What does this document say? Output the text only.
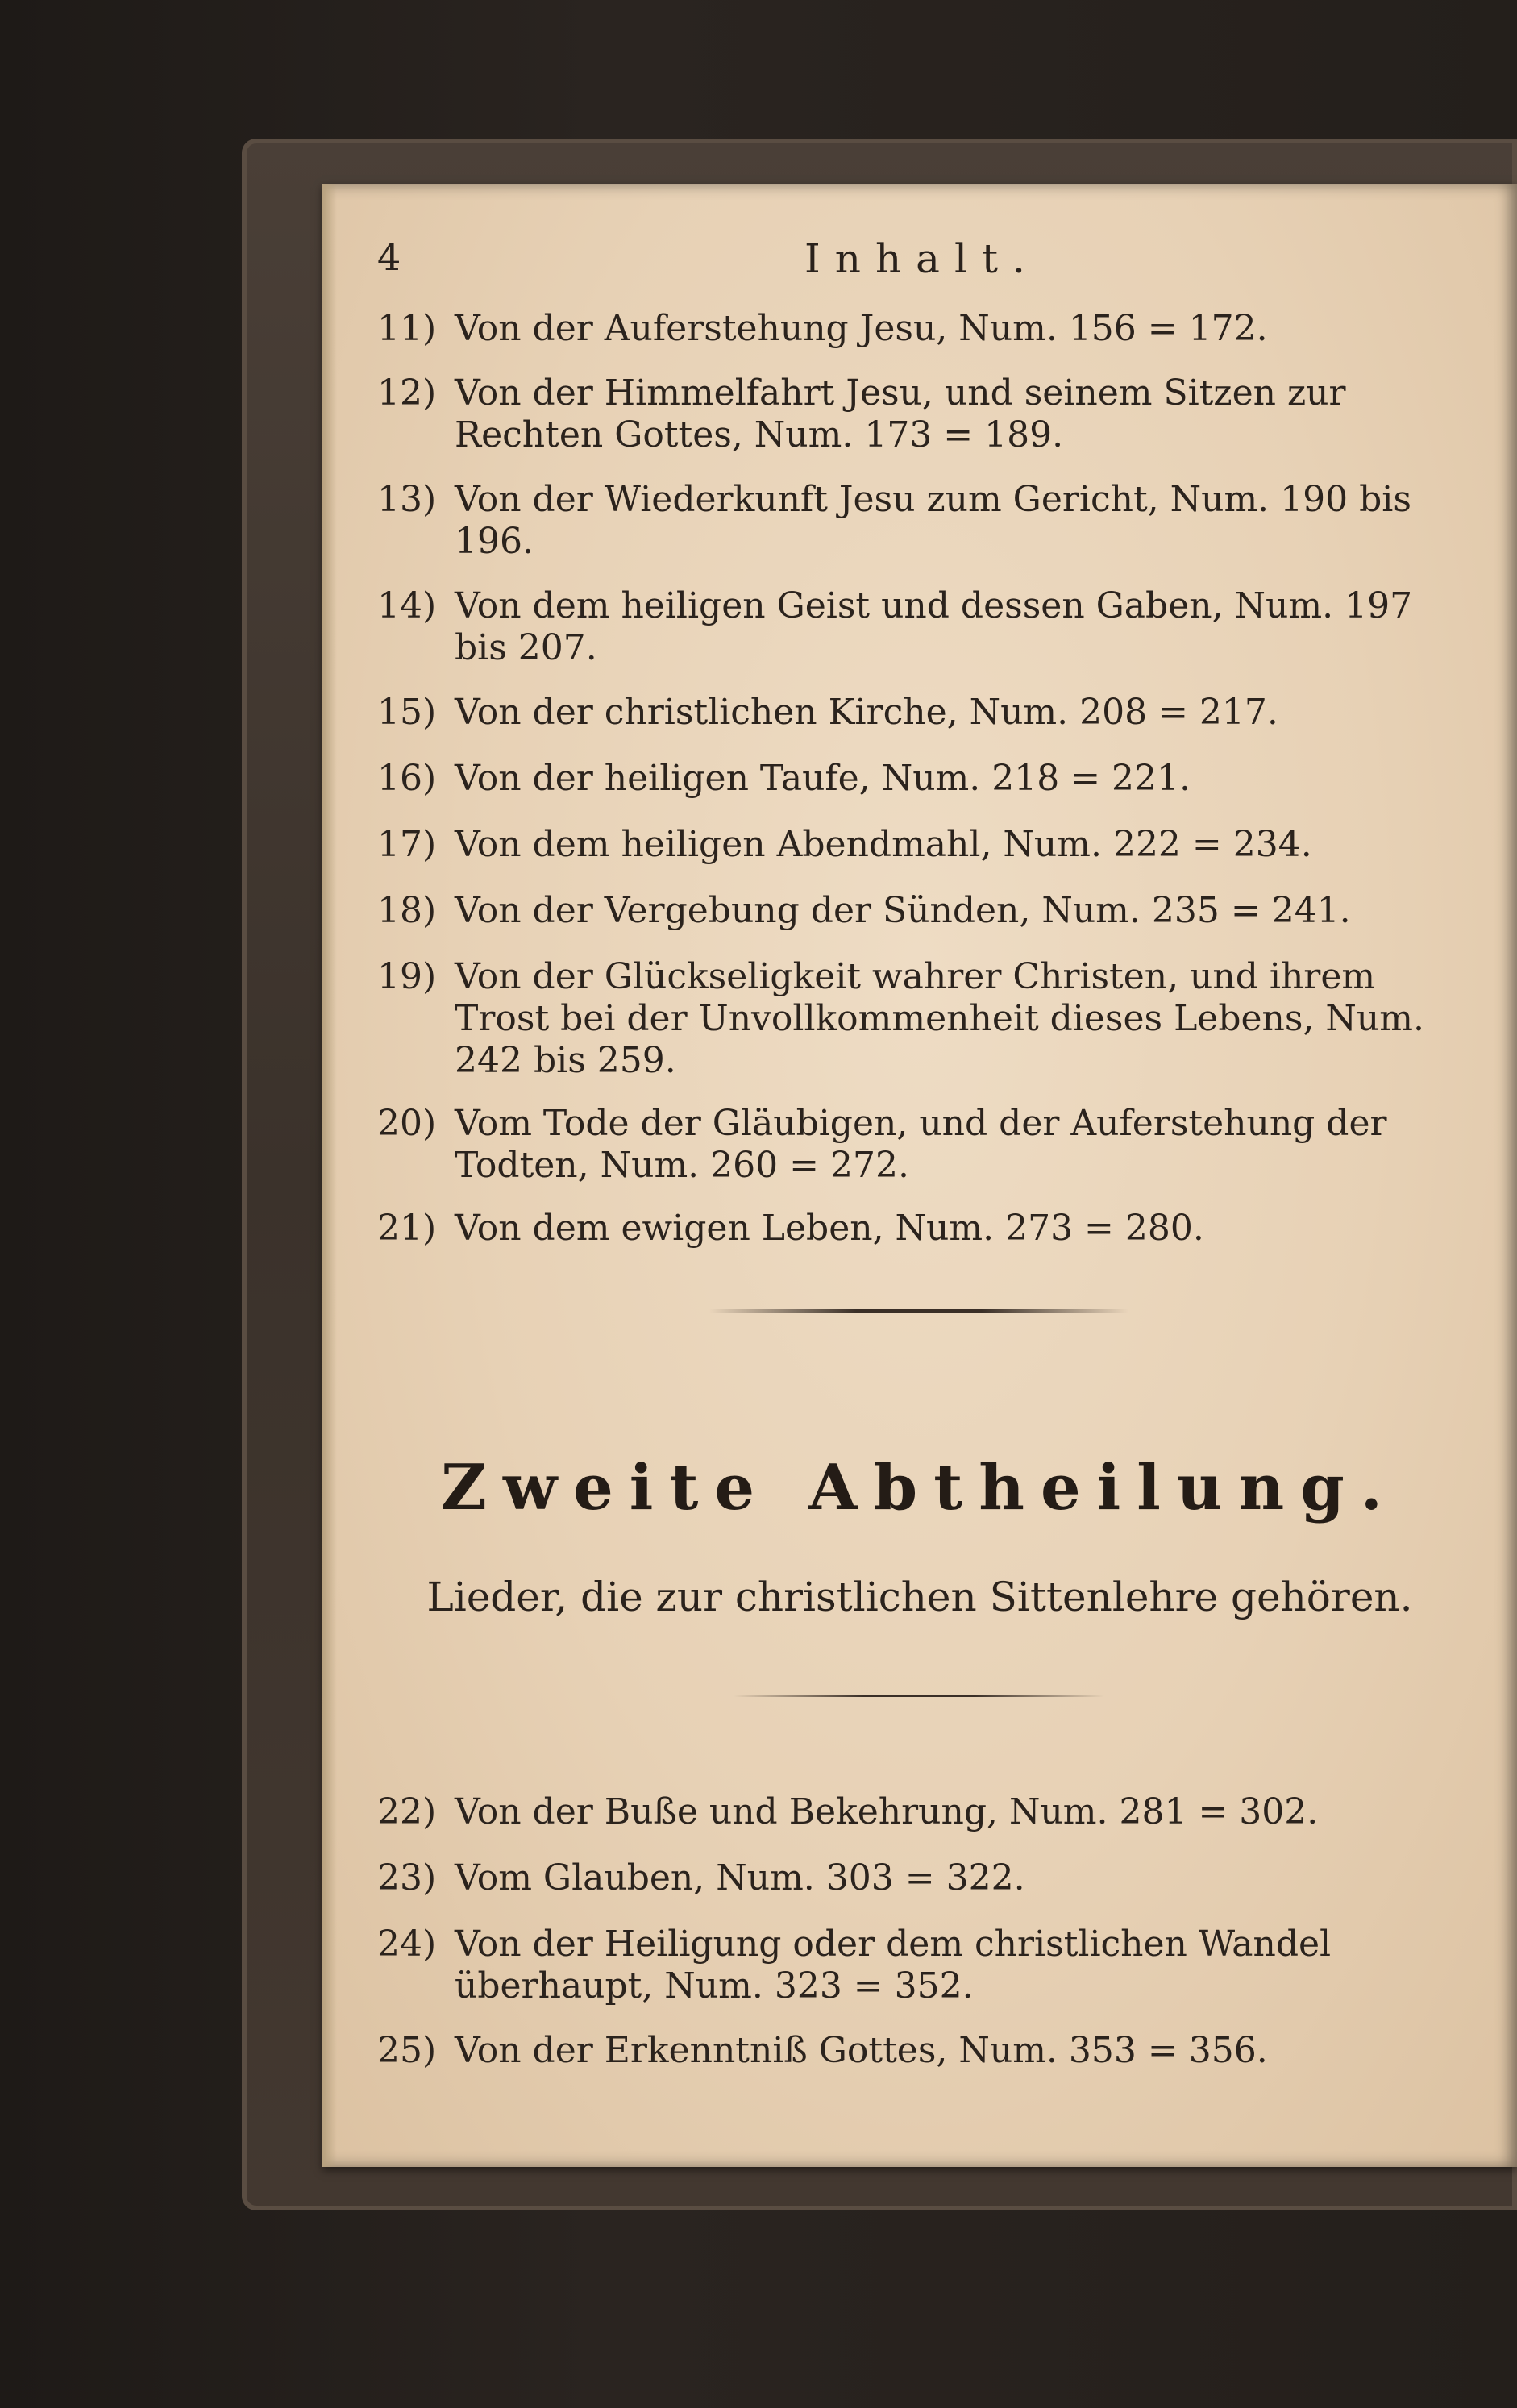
4	Inhalt.
11) Von der Auferstehung Jesu, Num. 156 = 172.
12) Von der Himmelfahrt Jesu, und seinem Sitzen zur Rechten Gottes, Num. 173 = 189.
13) Von der Wiederkunft Jesu zum Gericht, Num. 190 bis 196.
14) Von dem heiligen Geist und dessen Gaben, Num. 197 bis 207.
15) Von der christlichen Kirche, Num. 208 = 217.
16) Von der heiligen Taufe, Num. 218 = 221.
17) Von dem heiligen Abendmahl, Num. 222 = 234.
18) Von der Vergebung der Sünden, Num. 235 = 241.
19) Von der Glückseligkeit wahrer Christen, und ihrem Trost bei der Unvollkommenheit dieses Lebens, Num. 242 bis 259.
20) Vom Tode der Gläubigen, und der Auferstehung der Todten, Num. 260 = 272.
21) Von dem ewigen Leben, Num. 273 = 280.
Zweite Abtheilung.
Lieder, die zur christlichen Sittenlehre gehören.
22) Von der Buße und Bekehrung, Num. 281 = 302.
23) Vom Glauben, Num. 303 = 322.
24) Von der Heiligung oder dem christlichen Wandel überhaupt, Num. 323 = 352.
25) Von der Erkenntniß Gottes, Num. 353 = 356.
